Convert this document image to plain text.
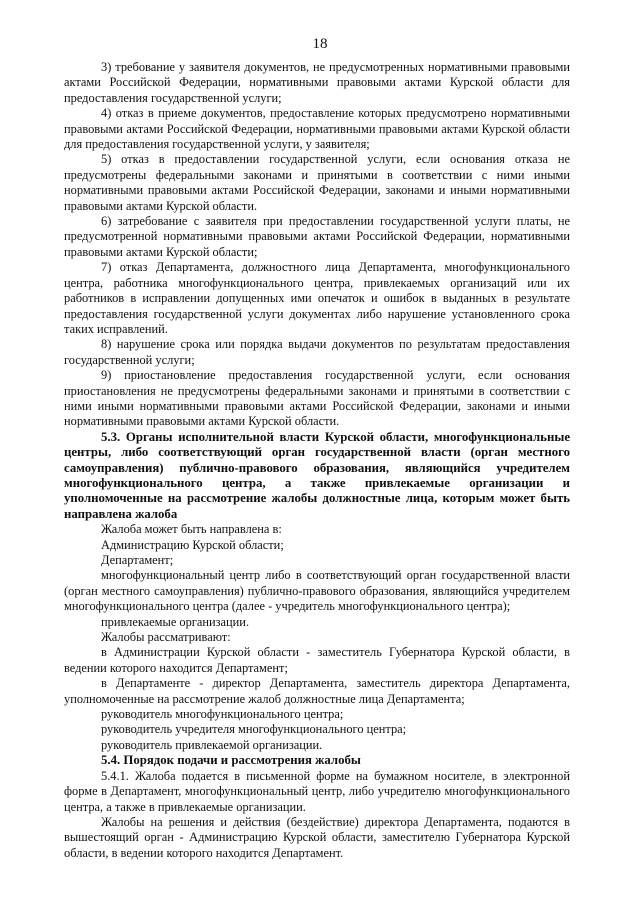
18

3) требование у заявителя документов, не предусмотренных нормативными правовыми актами Российской Федерации, нормативными правовыми актами Курской области для предоставления государственной услуги;

4) отказ в приеме документов, предоставление которых предусмотрено нормативными правовыми актами Российской Федерации, нормативными правовыми актами Курской области для предоставления государственной услуги, у заявителя;

5) отказ в предоставлении государственной услуги, если основания отказа не предусмотрены федеральными законами и принятыми в соответствии с ними иными нормативными правовыми актами Российской Федерации, законами и иными нормативными правовыми актами Курской области.

6) затребование с заявителя при предоставлении государственной услуги платы, не предусмотренной нормативными правовыми актами Российской Федерации, нормативными правовыми актами Курской области;

7) отказ Департамента, должностного лица Департамента, многофункционального центра, работника многофункционального центра, привлекаемых организаций или их работников в исправлении допущенных ими опечаток и ошибок в выданных в результате предоставления государственной услуги документах либо нарушение установленного срока таких исправлений.

8) нарушение срока или порядка выдачи документов по результатам предоставления государственной услуги;

9) приостановление предоставления государственной услуги, если основания приостановления не предусмотрены федеральными законами и принятыми в соответствии с ними иными нормативными правовыми актами Российской Федерации, законами и иными нормативными правовыми актами Курской области.

5.3. Органы исполнительной власти Курской области, многофункциональные центры, либо соответствующий орган государственной власти (орган местного самоуправления) публично-правового образования, являющийся учредителем многофункционального центра, а также привлекаемые организации и уполномоченные на рассмотрение жалобы должностные лица, которым может быть направлена жалоба

Жалоба может быть направлена в:

Администрацию Курской области;

Департамент;

многофункциональный центр либо в соответствующий орган государственной власти (орган местного самоуправления) публично-правового образования, являющийся учредителем многофункционального центра (далее - учредитель многофункционального центра);

привлекаемые организации.

Жалобы рассматривают:

в Администрации Курской области - заместитель Губернатора Курской области, в ведении которого находится Департамент;

в Департаменте - директор Департамента, заместитель директора Департамента, уполномоченные на рассмотрение жалоб должностные лица Департамента;

руководитель многофункционального центра;

руководитель учредителя многофункционального центра;

руководитель привлекаемой организации.

5.4. Порядок подачи и рассмотрения жалобы

5.4.1. Жалоба подается в письменной форме на бумажном носителе, в электронной форме в Департамент, многофункциональный центр, либо учредителю многофункционального центра, а также в привлекаемые организации.

Жалобы на решения и действия (бездействие) директора Департамента, подаются в вышестоящий орган - Администрацию Курской области, заместителю Губернатора Курской области, в ведении которого находится Департамент.
